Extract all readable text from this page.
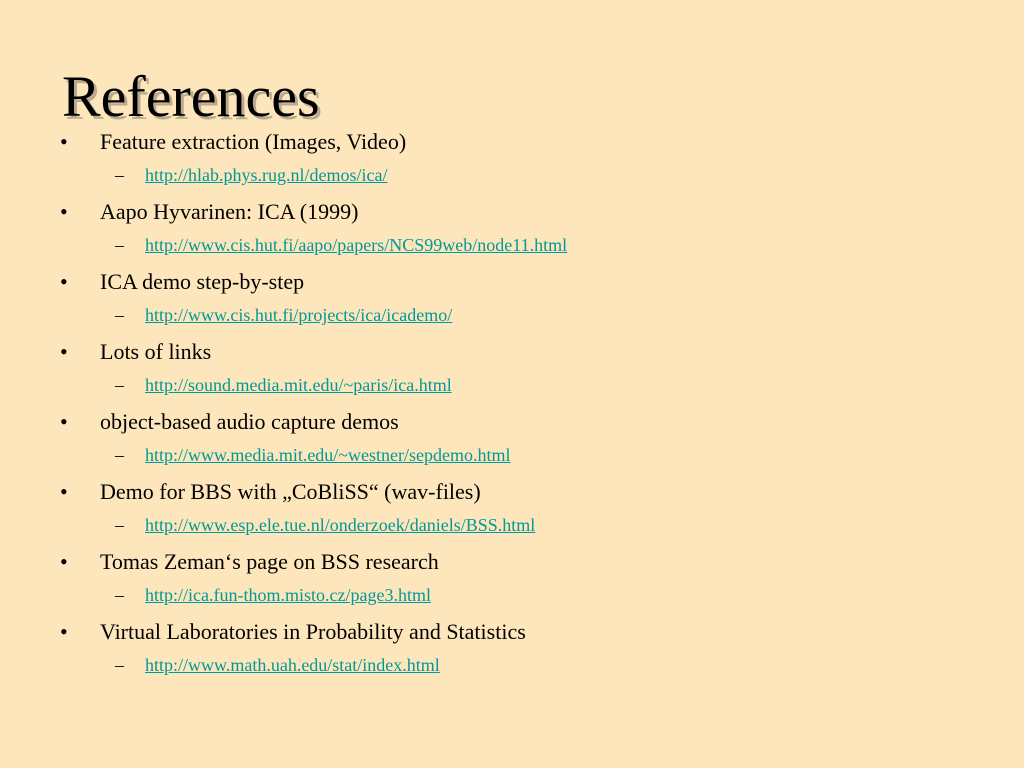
References
• Feature extraction (Images, Video)
– http://hlab.phys.rug.nl/demos/ica/
• Aapo Hyvarinen: ICA (1999)
– http://www.cis.hut.fi/aapo/papers/NCS99web/node11.html
• ICA demo step-by-step
– http://www.cis.hut.fi/projects/ica/icademo/
• Lots of links
– http://sound.media.mit.edu/~paris/ica.html
• object-based audio capture demos
– http://www.media.mit.edu/~westner/sepdemo.html
• Demo for BBS with „CoBliSS“ (wav-files)
– http://www.esp.ele.tue.nl/onderzoek/daniels/BSS.html
• Tomas Zeman‘s page on BSS research
– http://ica.fun-thom.misto.cz/page3.html
• Virtual Laboratories in Probability and Statistics
– http://www.math.uah.edu/stat/index.html
